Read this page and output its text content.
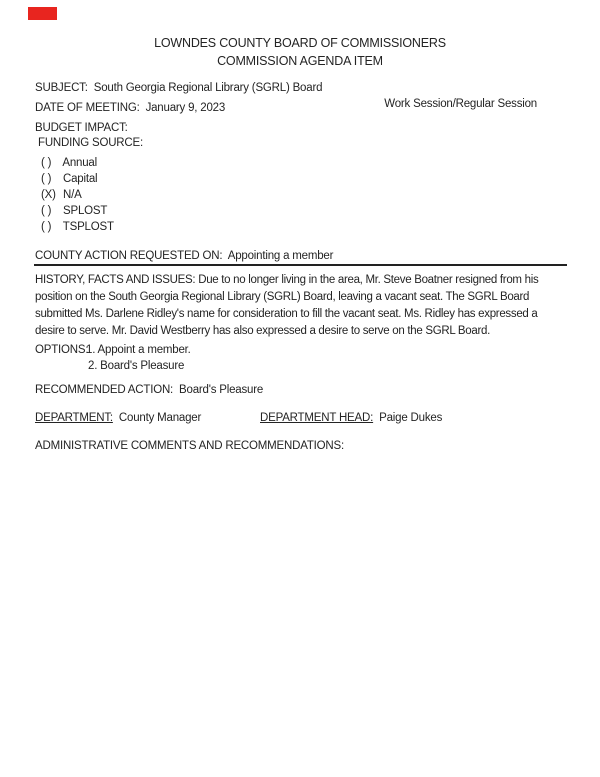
LOWNDES COUNTY BOARD OF COMMISSIONERS
COMMISSION AGENDA ITEM
SUBJECT: South Georgia Regional Library (SGRL) Board
DATE OF MEETING: January 9, 2023	Work Session/Regular Session
BUDGET IMPACT:
FUNDING SOURCE:
( ) Annual
( ) Capital
(X) N/A
( ) SPLOST
( ) TSPLOST
COUNTY ACTION REQUESTED ON: Appointing a member
HISTORY, FACTS AND ISSUES: Due to no longer living in the area, Mr. Steve Boatner resigned from his position on the South Georgia Regional Library (SGRL) Board, leaving a vacant seat. The SGRL Board submitted Ms. Darlene Ridley's name for consideration to fill the vacant seat. Ms. Ridley has expressed a desire to serve. Mr. David Westberry has also expressed a desire to serve on the SGRL Board.
OPTIONS:
1. Appoint a member.
2. Board's Pleasure
RECOMMENDED ACTION: Board's Pleasure
DEPARTMENT: County Manager	DEPARTMENT HEAD: Paige Dukes
ADMINISTRATIVE COMMENTS AND RECOMMENDATIONS:
